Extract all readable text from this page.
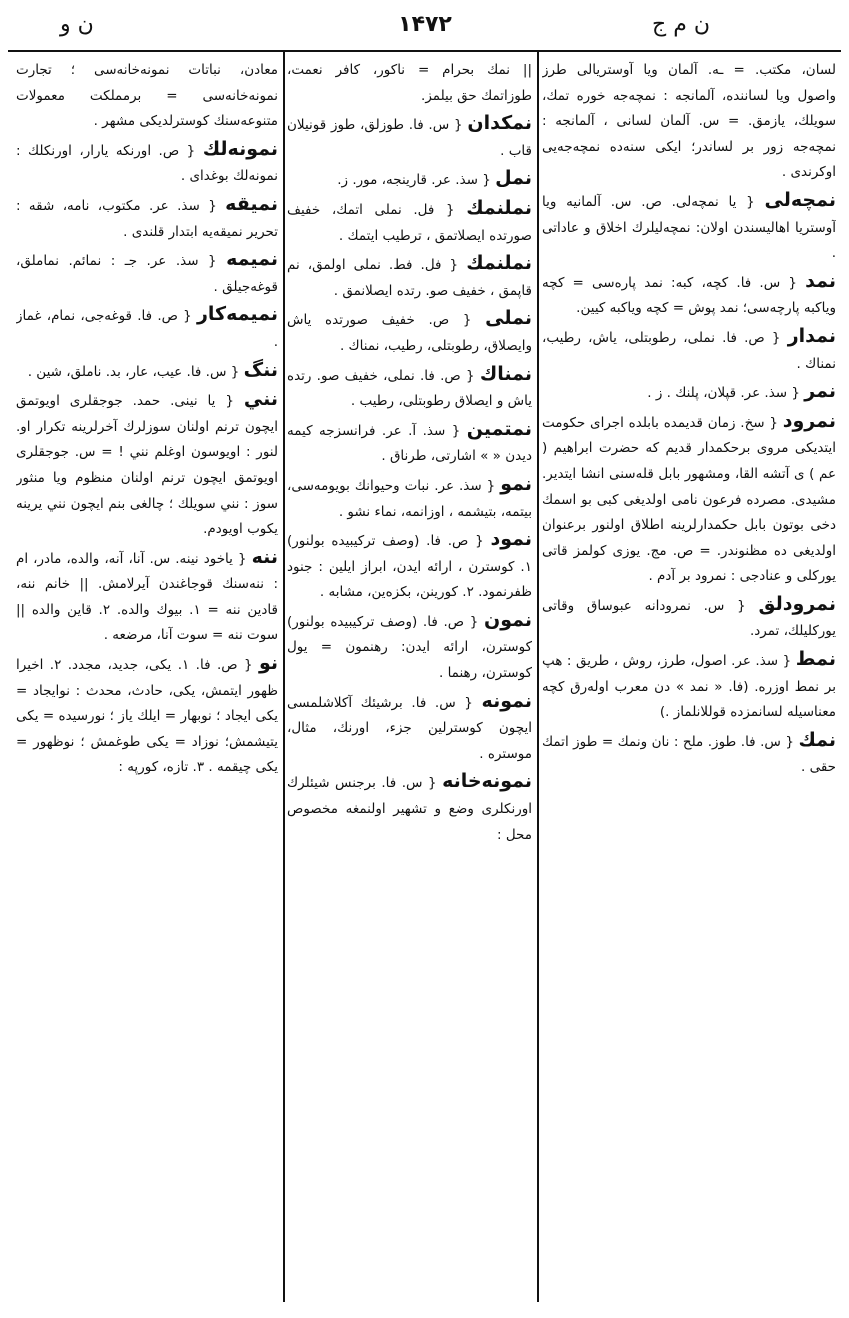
ن م ج
۱۴۷۲
ن و
لسان، مكتب. = ـه. آلمان ويا آوستريالى طرز واصول ويا لسانندە، آلمانجه : نمچەجه خوره تمك، سويلك، يازمق. = س. آلمان لسانى ، آلمانجه : نمچەجه زور بر لساندر؛ ايكى سنەدە نمچەجەيى اوكرندى .
نمچەلى { يا نمچەلى. ص. س. آلمانيه ويا آوستريا اهاليسندن اولان: نمچەليلرك اخلاق و عاداتى .
نمد { س. فا. كچە، كبە: نمد پارەسى = كچە وياكبە پارچەسى؛ نمد پوش = كچە وياكبە كيين.
نمدار { ص. فا. نملى، رطوبتلى، ياش، رطيب، نمناك .
نمر { سذ. عر. قپلان، پلنك . ز .
نمرود { سخ. زمان قديمدە بابلدە اجراى حكومت ايتديكى مروى برحكمدار قديم كه حضرت ابراهيم ( عم ) ى آتشە القا، ومشهور بابل قلەسنى انشا ايتدير. مشيدى. مصردە فرعون نامى اولديغى كبى بو اسمك دخى بوتون بابل حكمدارلرينە اطلاق اولنور برعنوان اولديغى دە مظنوندر. = ص. مج. يوزى كولمز قاتى يوركلى و عنادجى : نمرود بر آدم .
نمرودلق { س. نمرودانە عبوساق وقاتى يوركليلك، تمرد.
نمط { سذ. عر. اصول، طرز، روش ، طريق : هپ بر نمط اوزرە. (فا. « نمد » دن معرب اولەرق كچە معناسيلە لسانمزدە قوللانلماز .)
نمك { س. فا. طوز. ملح : نان ونمك = طوز اتمك حقى .
|| نمك بحرام = ناكور، كافر نعمت، طوزاتمك حق بيلمز.
نمكدان { س. فا. طوزلق، طوز قونيلان قاب .
نمل { سذ. عر. قارينجە، مور. ز.
نملنمك { فل. نملى اتمك، خفيف صورتدە ايصلاتمق ، ترطيب ايتمك .
نملنمك { فل. فط. نملى اولمق، نم قاپمق ، خفيف صو. رتدە ايصلانمق .
نملى { ص. خفيف صورتدە ياش وايصلاق، رطوبتلى، رطيب، نمناك .
نمناك { ص. فا. نملى، خفيف صو. رتدە ياش و ايصلاق رطوبتلى، رطيب .
نمتمين { سذ. آ. عر. فرانسزجە كيمە ديدن « » اشارتى، طرناق .
نمو { سذ. عر. نبات وحيوانك بويومەسى، بيتمە، بتيشمە ، اوزانمە، نماء نشو .
نمود { ص. فا. (وصف تركيبيدە بولنور) ۱. كوسترن ، ارائە ايدن، ابراز ايلين : جنود ظفرنمود. ۲. كورينن، بكزەين، مشابە .
نمون { ص. فا. (وصف تركيبيدە بولنور) كوسترن، ارائە ايدن: رهنمون = يول كوسترن، رهنما .
نمونە { س. فا. برشيئك آكلاشلمسى ايچون كوسترلين جزء، اورنك، مثال، موسترە .
نمونەخانە { س. فا. برجنس شيئلرك اورنكلرى وضع و تشهير اولنمغە مخصوص محل :
معادن، نباتات نمونەخانەسى ؛ تجارت نمونەخانەسى = برمملكت معمولات متنوعەسنك كوسترلديكى مشهر .
نمونەلك { ص. اورنكە يارار، اورنكلك : نمونەلك بوغداى .
نميقە { سذ. عر. مكتوب، نامە، شقە : تحرير نميقەيە ابتدار قلندى .
نميمە { سذ. عر. جـ : نمائم. نماملق، قوغەجيلق .
نميمەكار { ص. فا. قوغەجى، نمام، غماز .
ننگ { س. فا. عيب، عار، بد. ناملق، شين .
نني { يا نينى. حمد. جوجقلرى اويوتمق ايچون ترنم اولنان سوزلرك آخرلرينە تكرار او. لنور : اويوسون اوغلم نني ! = س. جوجقلرى اويوتمق ايچون ترنم اولنان منظوم ويا منثور سوز : نني سويلك ؛ چالغى بنم ايچون نني يرينە يكوب اويودم.
ننە { ياخود نينە. س. آنا، آنە، والدە، مادر، ام : ننەسنك قوجاغندن آيرلامش. || خانم ننە، قادين ننە = ۱. بيوك والدە. ۲. قاين والدە || سوت ننە = سوت آنا، مرضعە .
نو { ص. فا. ۱. يكى، جديد، مجدد. ۲. اخيرا ظهور ايتمش، يكى، حادث، محدث : نوايجاد = يكى ايجاد ؛ نوبهار = ايلك ياز ؛ نورسيدە = يكى يتيشمش؛ نوزاد = يكى طوغمش ؛ نوظهور = يكى چيقمە . ۳. تازە، كورپە :
